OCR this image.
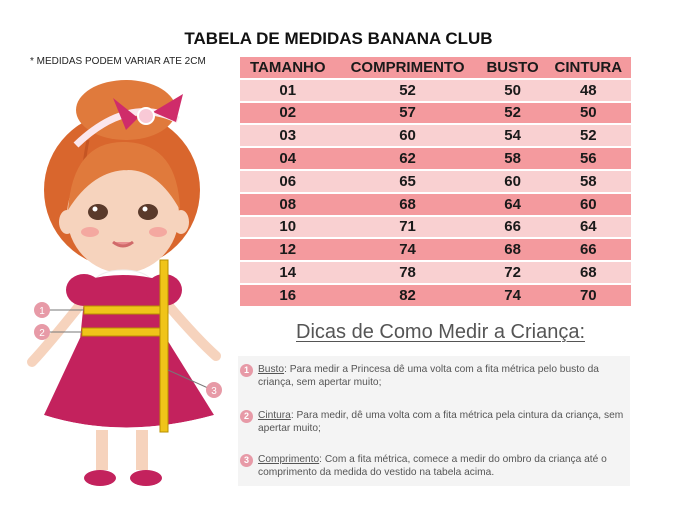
TABELA DE MEDIDAS BANANA CLUB
* MEDIDAS PODEM VARIAR ATE 2CM
1
2
3
TAMANHO	COMPRIMENTO	BUSTO	CINTURA
01	52	50	48
02	57	52	50
03	60	54	52
04	62	58	56
06	65	60	58
08	68	64	60
10	71	66	64
12	74	68	66
14	78	72	68
16	82	74	70
Dicas de Como Medir a Criança:
1 Busto: Para medir a Princesa dê uma volta com a fita métrica pelo busto da criança, sem apertar muito;
2 Cintura: Para medir, dê uma volta com a fita métrica pela cintura da criança, sem apertar muito;
3 Comprimento: Com a fita métrica, comece a medir do ombro da criança até o comprimento da medida do vestido na tabela acima.
